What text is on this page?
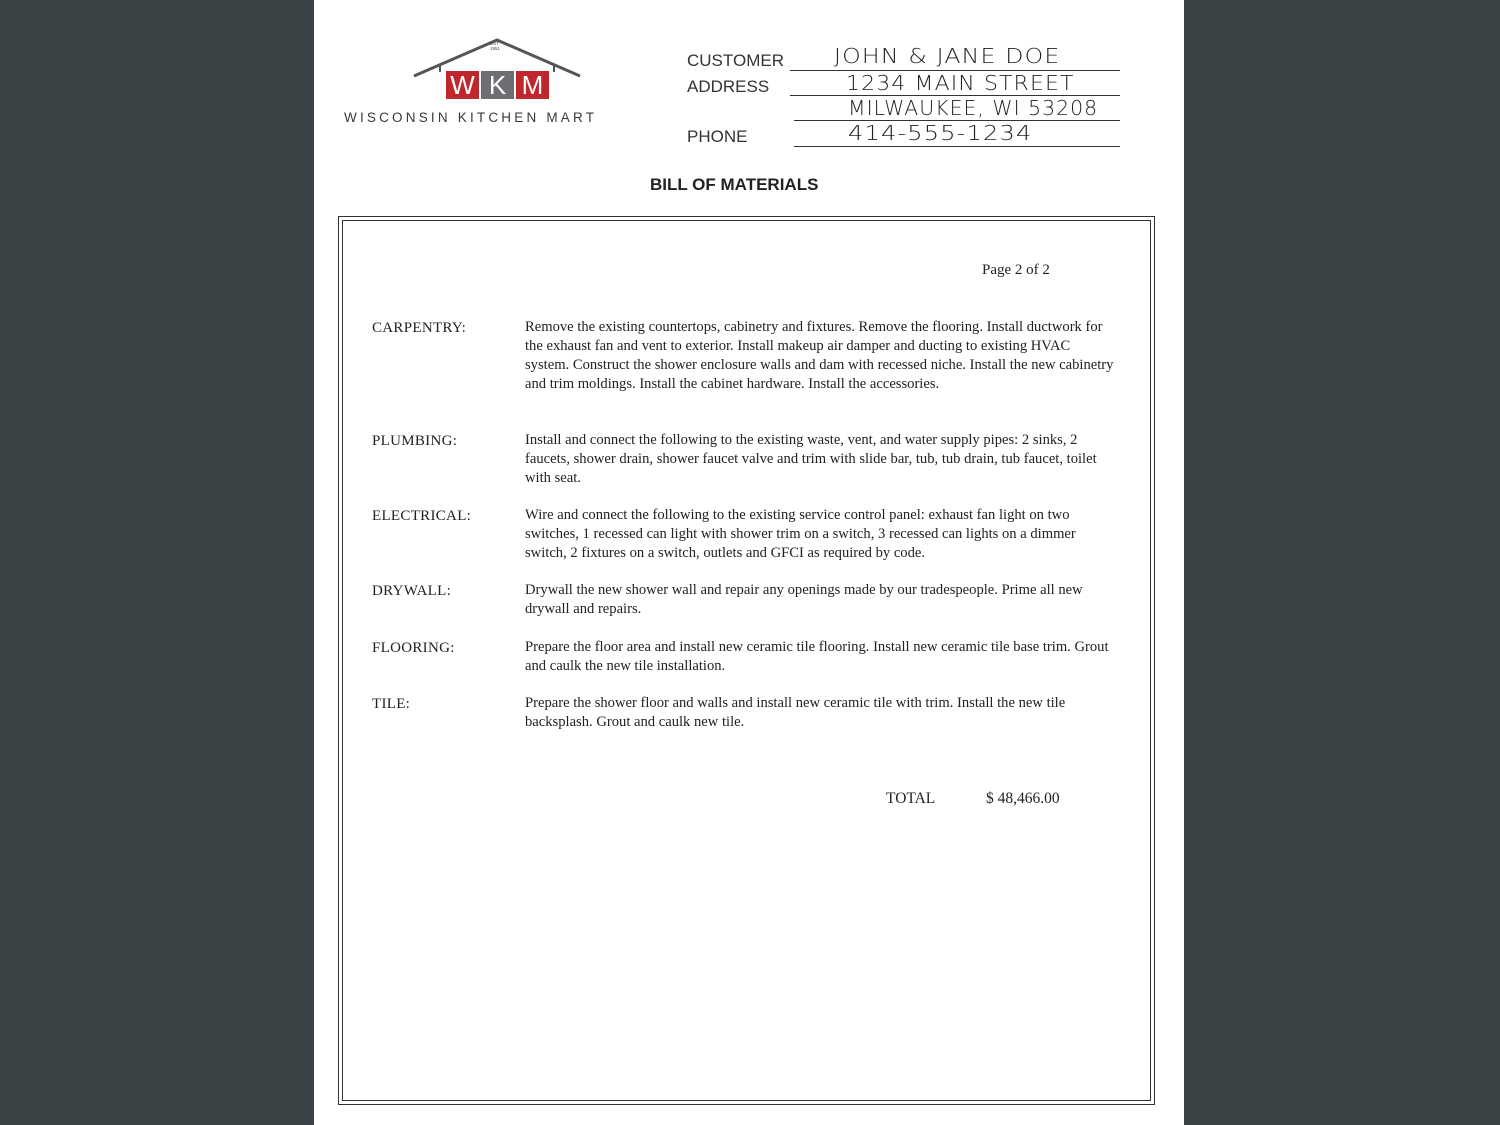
EST.
1951
W K M
WISCONSIN KITCHEN MART
CUSTOMER	JOHN & JANE DOE
ADDRESS	1234 MAIN STREET
MILWAUKEE, WI 53208
PHONE	414-555-1234
BILL OF MATERIALS
Page 2 of 2
CARPENTRY:	Remove the existing countertops, cabinetry and fixtures. Remove the flooring. Install ductwork for the exhaust fan and vent to exterior. Install makeup air damper and ducting to existing HVAC system. Construct the shower enclosure walls and dam with recessed niche. Install the new cabinetry and trim moldings. Install the cabinet hardware. Install the accessories.
PLUMBING:	Install and connect the following to the existing waste, vent, and water supply pipes: 2 sinks, 2 faucets, shower drain, shower faucet valve and trim with slide bar, tub, tub drain, tub faucet, toilet with seat.
ELECTRICAL:	Wire and connect the following to the existing service control panel: exhaust fan light on two switches, 1 recessed can light with shower trim on a switch, 3 recessed can lights on a dimmer switch, 2 fixtures on a switch, outlets and GFCI as required by code.
DRYWALL:	Drywall the new shower wall and repair any openings made by our tradespeople. Prime all new drywall and repairs.
FLOORING:	Prepare the floor area and install new ceramic tile flooring. Install new ceramic tile base trim. Grout and caulk the new tile installation.
TILE:	Prepare the shower floor and walls and install new ceramic tile with trim. Install the new tile backsplash. Grout and caulk new tile.
TOTAL	$ 48,466.00
